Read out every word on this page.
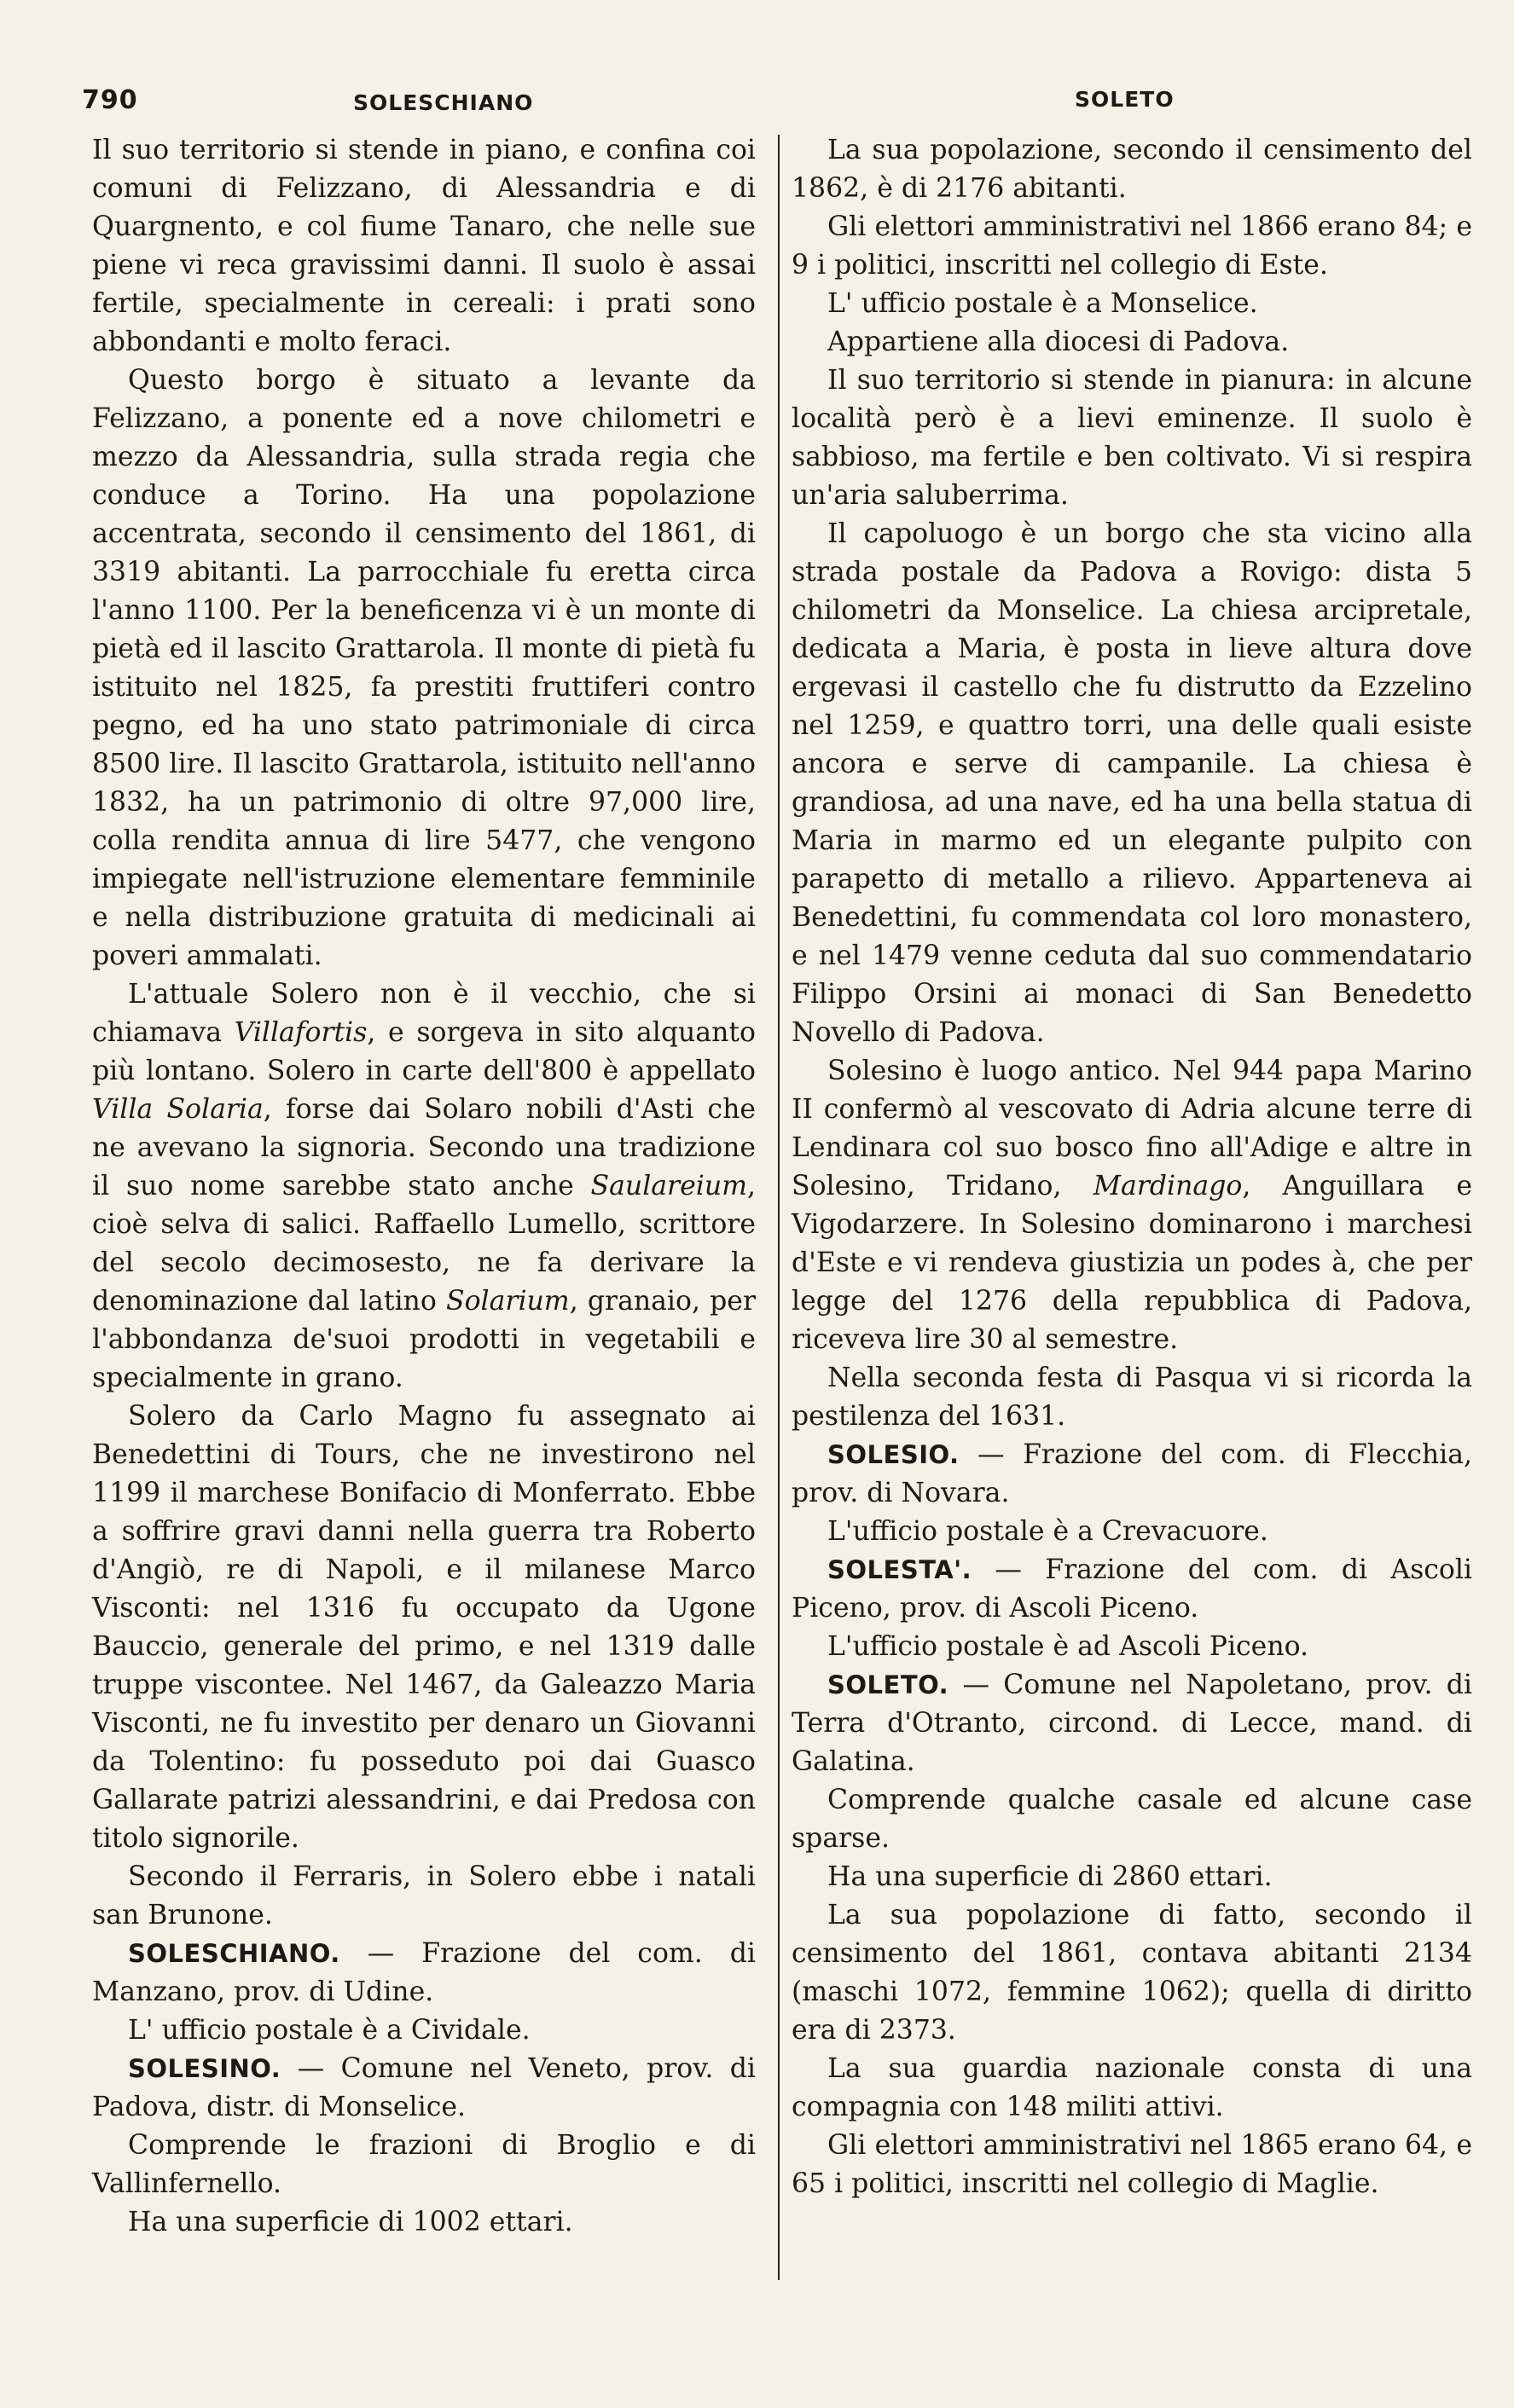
790	SOLESCHIANO	SOLETO

Il suo territorio si stende in piano, e confina coi comuni di Felizzano, di Alessandria e di Quargnento, e col fiume Tanaro, che nelle sue piene vi reca gravissimi danni. Il suolo è assai fertile, specialmente in cereali: i prati sono abbondanti e molto feraci.

Questo borgo è situato a levante da Felizzano, a ponente ed a nove chilometri e mezzo da Alessandria, sulla strada regia che conduce a Torino. Ha una popolazione accentrata, secondo il censimento del 1861, di 3319 abitanti. La parrocchiale fu eretta circa l'anno 1100. Per la beneficenza vi è un monte di pietà ed il lascito Grattarola. Il monte di pietà fu istituito nel 1825, fa prestiti fruttiferi contro pegno, ed ha uno stato patrimoniale di circa 8500 lire. Il lascito Grattarola, istituito nell'anno 1832, ha un patrimonio di oltre 97,000 lire, colla rendita annua di lire 5477, che vengono impiegate nell'istruzione elementare femminile e nella distribuzione gratuita di medicinali ai poveri ammalati.

L'attuale Solero non è il vecchio, che si chiamava Villafortis, e sorgeva in sito alquanto più lontano. Solero in carte dell'800 è appellato Villa Solaria, forse dai Solaro nobili d'Asti che ne avevano la signoria. Secondo una tradizione il suo nome sarebbe stato anche Saulareium, cioè selva di salici. Raffaello Lumello, scrittore del secolo decimosesto, ne fa derivare la denominazione dal latino Solarium, granaio, per l'abbondanza de'suoi prodotti in vegetabili e specialmente in grano.

Solero da Carlo Magno fu assegnato ai Benedettini di Tours, che ne investirono nel 1199 il marchese Bonifacio di Monferrato. Ebbe a soffrire gravi danni nella guerra tra Roberto d'Angiò, re di Napoli, e il milanese Marco Visconti: nel 1316 fu occupato da Ugone Bauccio, generale del primo, e nel 1319 dalle truppe viscontee. Nel 1467, da Galeazzo Maria Visconti, ne fu investito per denaro un Giovanni da Tolentino: fu posseduto poi dai Guasco Gallarate patrizi alessandrini, e dai Predosa con titolo signorile.

Secondo il Ferraris, in Solero ebbe i natali san Brunone.

SOLESCHIANO. — Frazione del com. di Manzano, prov. di Udine.

L' ufficio postale è a Cividale.

SOLESINO. — Comune nel Veneto, prov. di Padova, distr. di Monselice.

Comprende le frazioni di Broglio e di Vallinfernello.

Ha una superficie di 1002 ettari.

La sua popolazione, secondo il censimento del 1862, è di 2176 abitanti.

Gli elettori amministrativi nel 1866 erano 84; e 9 i politici, inscritti nel collegio di Este.

L' ufficio postale è a Monselice.

Appartiene alla diocesi di Padova.

Il suo territorio si stende in pianura: in alcune località però è a lievi eminenze. Il suolo è sabbioso, ma fertile e ben coltivato. Vi si respira un'aria saluberrima.

Il capoluogo è un borgo che sta vicino alla strada postale da Padova a Rovigo: dista 5 chilometri da Monselice. La chiesa arcipretale, dedicata a Maria, è posta in lieve altura dove ergevasi il castello che fu distrutto da Ezzelino nel 1259, e quattro torri, una delle quali esiste ancora e serve di campanile. La chiesa è grandiosa, ad una nave, ed ha una bella statua di Maria in marmo ed un elegante pulpito con parapetto di metallo a rilievo. Apparteneva ai Benedettini, fu commendata col loro monastero, e nel 1479 venne ceduta dal suo commendatario Filippo Orsini ai monaci di San Benedetto Novello di Padova.

Solesino è luogo antico. Nel 944 papa Marino II confermò al vescovato di Adria alcune terre di Lendinara col suo bosco fino all'Adige e altre in Solesino, Tridano, Mardinago, Anguillara e Vigodarzere. In Solesino dominarono i marchesi d'Este e vi rendeva giustizia un podes à, che per legge del 1276 della repubblica di Padova, riceveva lire 30 al semestre.

Nella seconda festa di Pasqua vi si ricorda la pestilenza del 1631.

SOLESIO. — Frazione del com. di Flecchia, prov. di Novara.

L'ufficio postale è a Crevacuore.

SOLESTA'. — Frazione del com. di Ascoli Piceno, prov. di Ascoli Piceno.

L'ufficio postale è ad Ascoli Piceno.

SOLETO. — Comune nel Napoletano, prov. di Terra d'Otranto, circond. di Lecce, mand. di Galatina.

Comprende qualche casale ed alcune case sparse.

Ha una superficie di 2860 ettari.

La sua popolazione di fatto, secondo il censimento del 1861, contava abitanti 2134 (maschi 1072, femmine 1062); quella di diritto era di 2373.

La sua guardia nazionale consta di una compagnia con 148 militi attivi.

Gli elettori amministrativi nel 1865 erano 64, e 65 i politici, inscritti nel collegio di Maglie.
